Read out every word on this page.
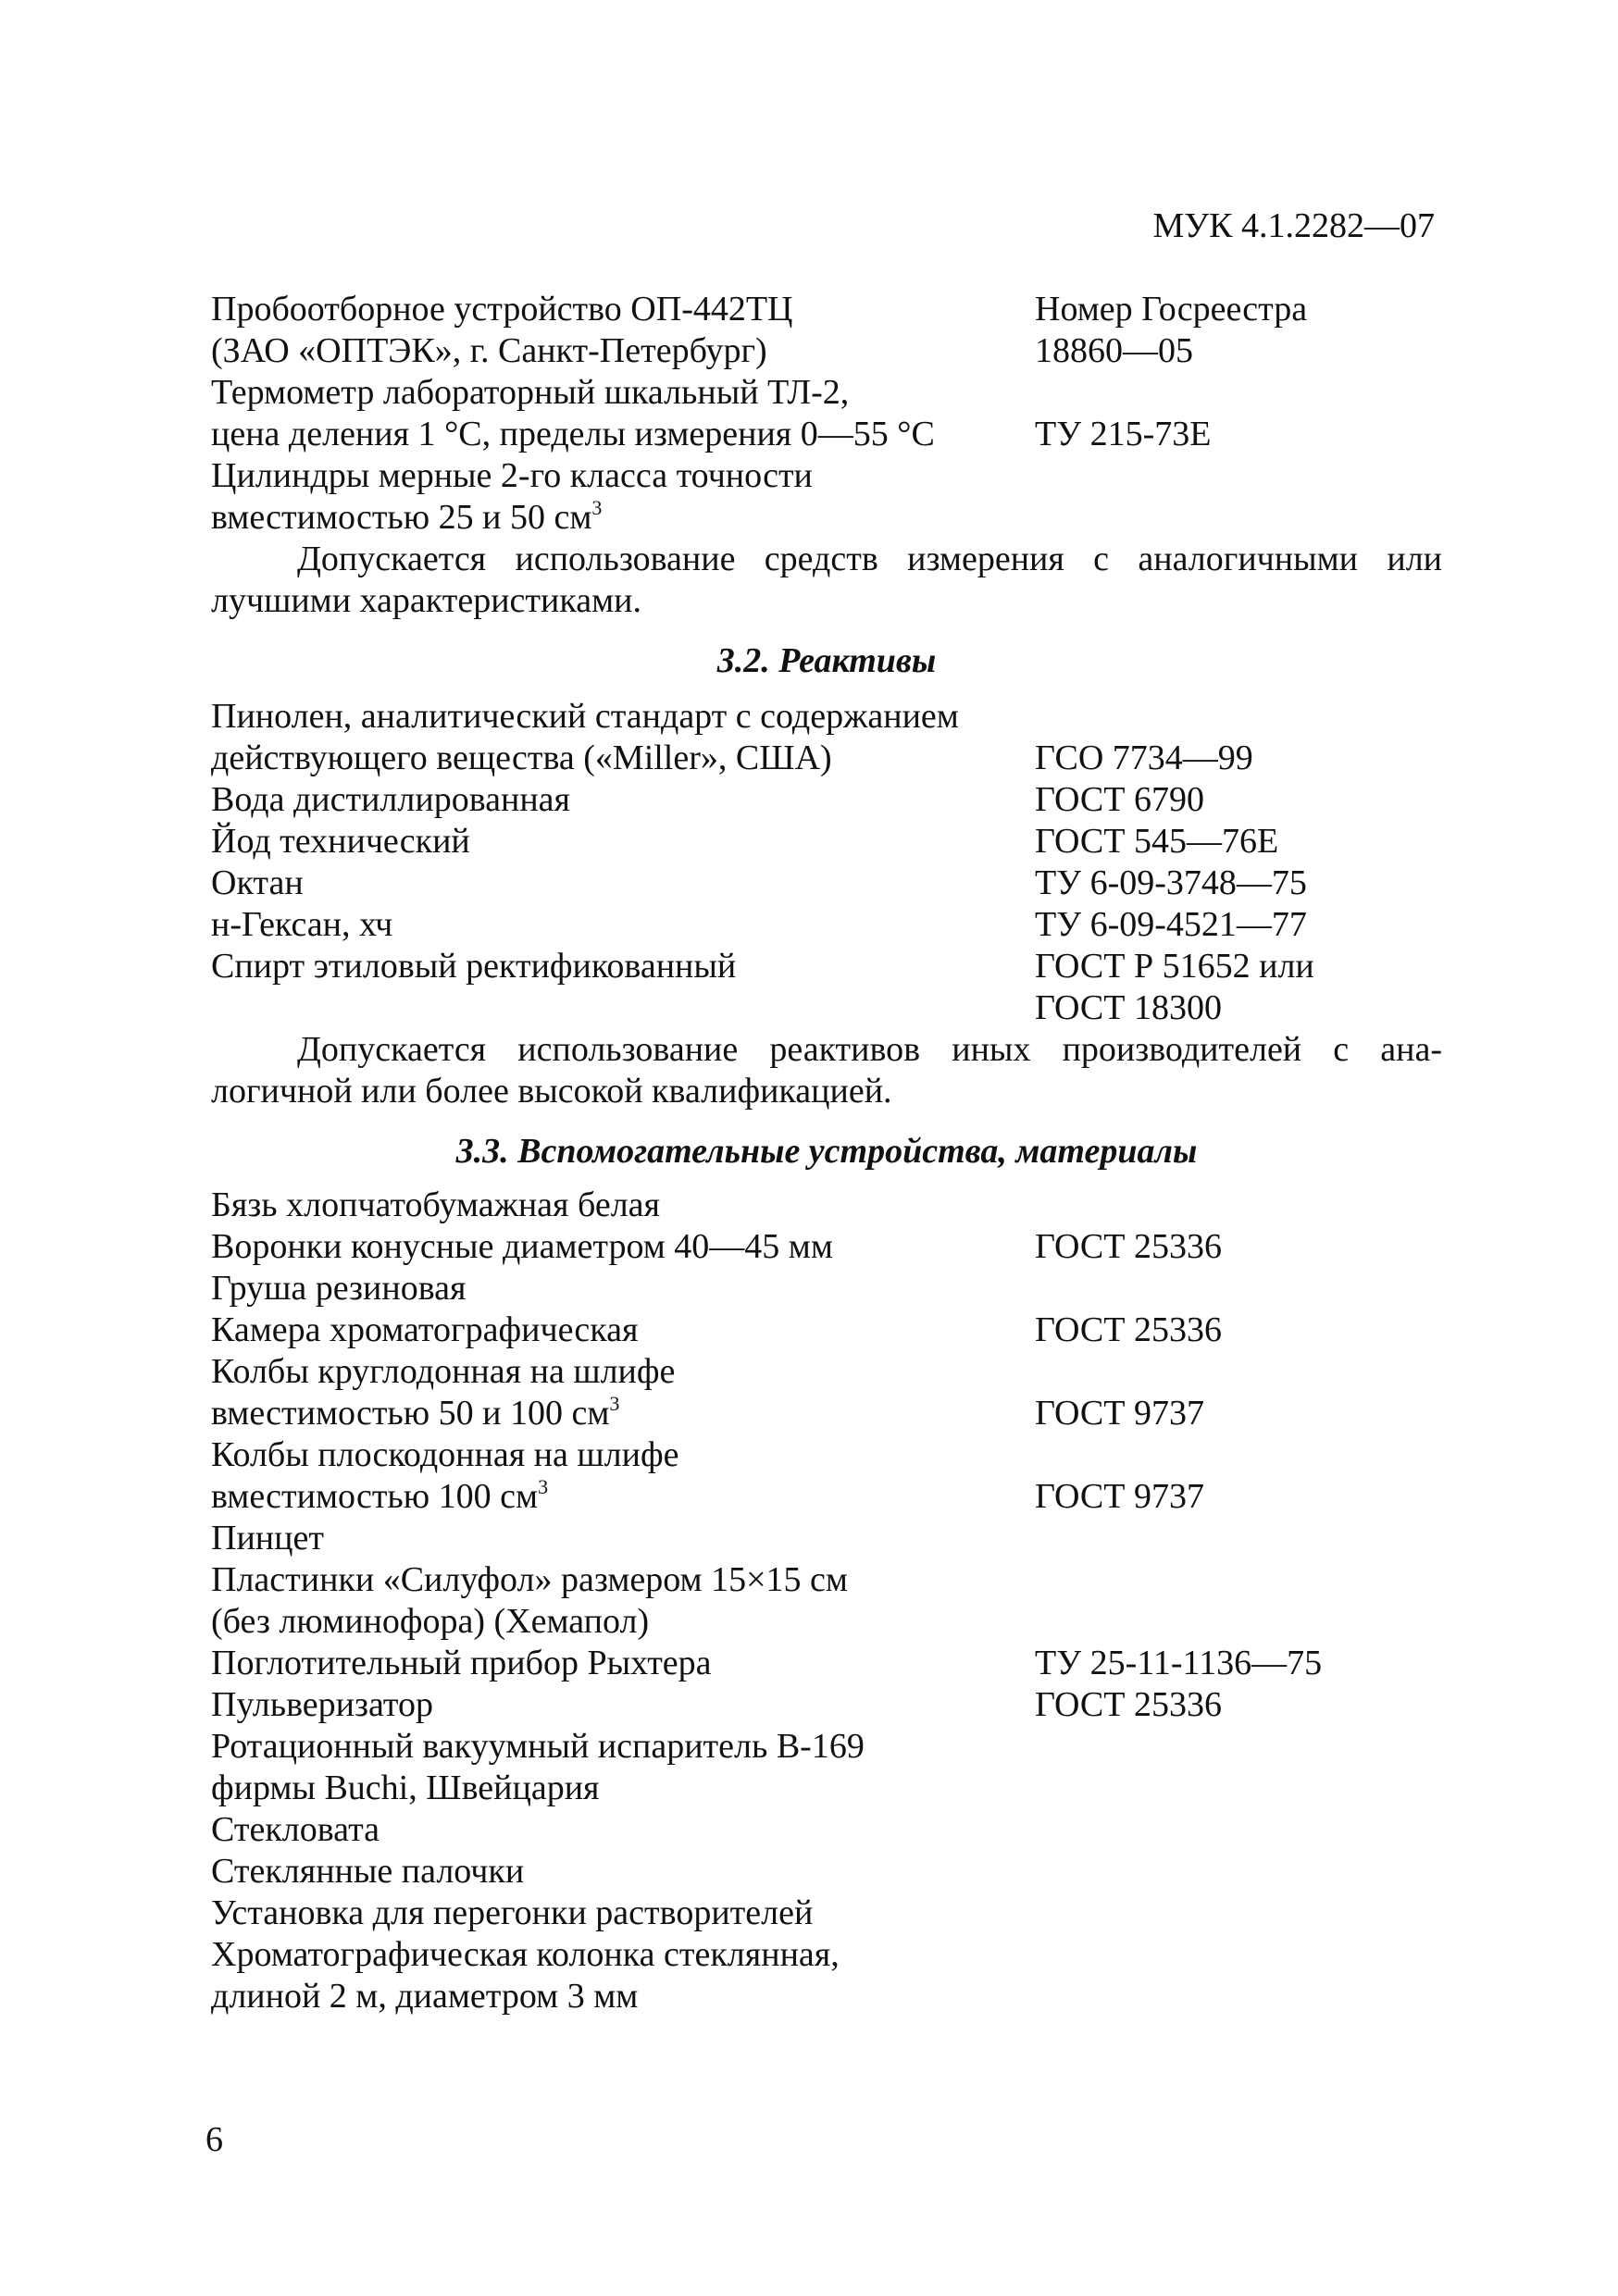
МУК 4.1.2282—07
Пробоотборное устройство ОП-442ТЦ	Номер Госреестра
(ЗАО «ОПТЭК», г. Санкт-Петербург)	18860—05
Термометр лабораторный шкальный ТЛ-2,
цена деления 1 °С, пределы измерения 0—55 °С	ТУ 215-73Е
Цилиндры мерные 2-го класса точности
вместимостью 25 и 50 $см^3$

Допускается использование средств измерения с аналогичными или

лучшими характеристиками.

3.2. Реактивы
Пинолен, аналитический стандарт с содержанием
действующего вещества («Miller», США)	ГСО 7734—99
Вода дистиллированная	ГОСТ 6790
Йод технический	ГОСТ 545—76Е
Октан	ТУ 6-09-3748—75
н-Гексан, хч	ТУ 6-09-4521—77
Спирт этиловый ректификованный	ГОСТ Р 51652 или
ГОСТ 18300

Допускается использование реактивов иных производителей с ана-

логичной или более высокой квалификацией.

3.3. Вспомогательные устройства, материалы
Бязь хлопчатобумажная белая
Воронки конусные диаметром 40—45 мм	ГОСТ 25336
Груша резиновая
Камера хроматографическая	ГОСТ 25336
Колбы круглодонная на шлифе
вместимостью 50 и 100 $см^3$	ГОСТ 9737
Колбы плоскодонная на шлифе
вместимостью 100 $см^3$	ГОСТ 9737
Пинцет
Пластинки «Силуфол» размером 15×15 см
(без люминофора) (Хемапол)
Поглотительный прибор Рыхтера	ТУ 25-11-1136—75
Пульверизатор	ГОСТ 25336
Ротационный вакуумный испаритель В-169
фирмы Buchi, Швейцария
Стекловата
Стеклянные палочки
Установка для перегонки растворителей
Хроматографическая колонка стеклянная,
длиной 2 м, диаметром 3 мм
6
